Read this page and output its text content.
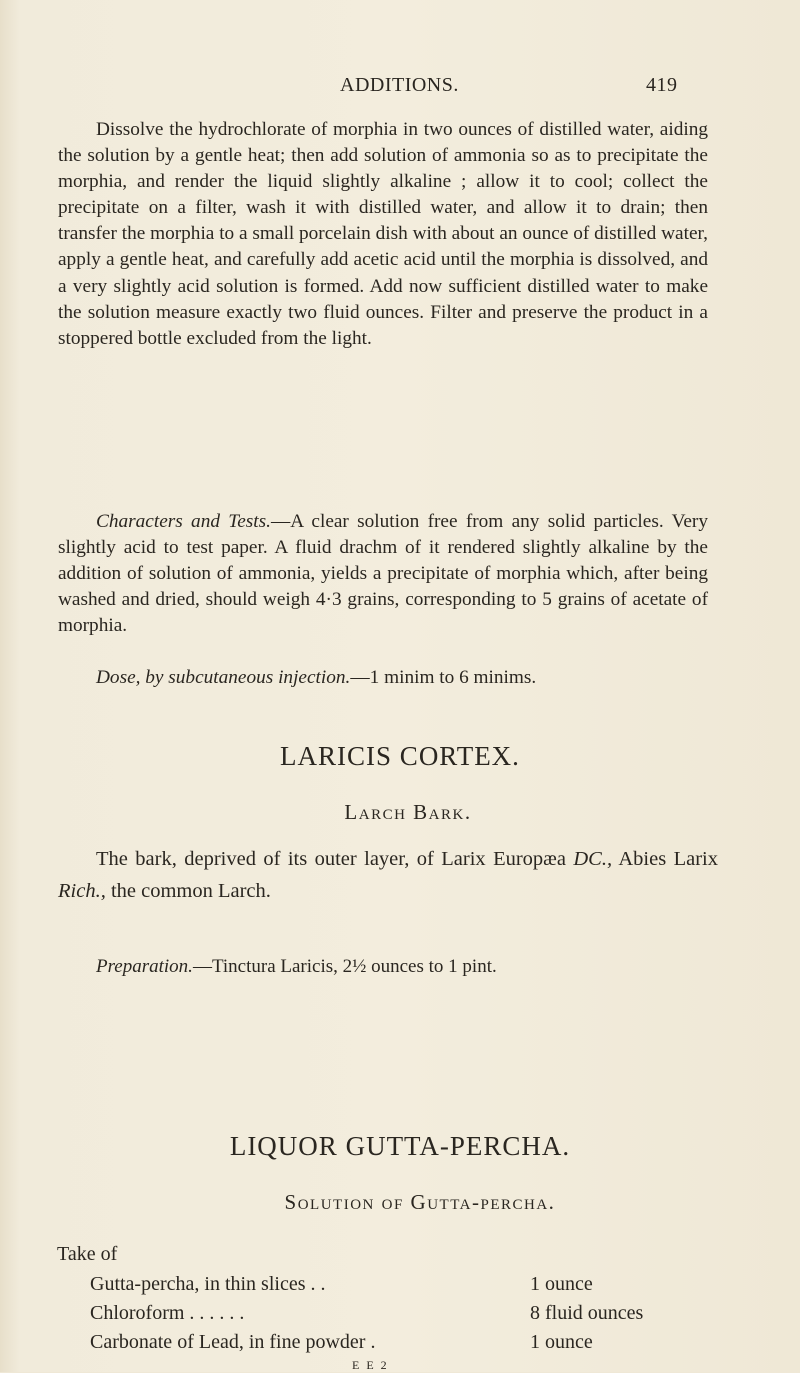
ADDITIONS.	419
Dissolve the hydrochlorate of morphia in two ounces of distilled water, aiding the solution by a gentle heat; then add solution of ammonia so as to precipitate the morphia, and render the liquid slightly alkaline ; allow it to cool; collect the precipitate on a filter, wash it with distilled water, and allow it to drain; then transfer the morphia to a small porcelain dish with about an ounce of distilled water, apply a gentle heat, and carefully add acetic acid until the morphia is dissolved, and a very slightly acid solution is formed. Add now sufficient distilled water to make the solution measure exactly two fluid ounces. Filter and preserve the product in a stoppered bottle excluded from the light.
Characters and Tests.—A clear solution free from any solid particles. Very slightly acid to test paper. A fluid drachm of it rendered slightly alkaline by the addition of solution of ammonia, yields a precipitate of morphia which, after being washed and dried, should weigh 4·3 grains, corresponding to 5 grains of acetate of morphia.
Dose, by subcutaneous injection.—1 minim to 6 minims.
LARICIS CORTEX.
Larch Bark.
The bark, deprived of its outer layer, of Larix Europæa DC., Abies Larix Rich., the common Larch.
Preparation.—Tinctura Laricis, 2½ ounces to 1 pint.
LIQUOR GUTTA-PERCHA.
Solution of Gutta-percha.
Take of
Gutta-percha, in thin slices . .	1 ounce
Chloroform . . . . . .	8 fluid ounces
Carbonate of Lead, in fine powder .	1 ounce
E E 2
